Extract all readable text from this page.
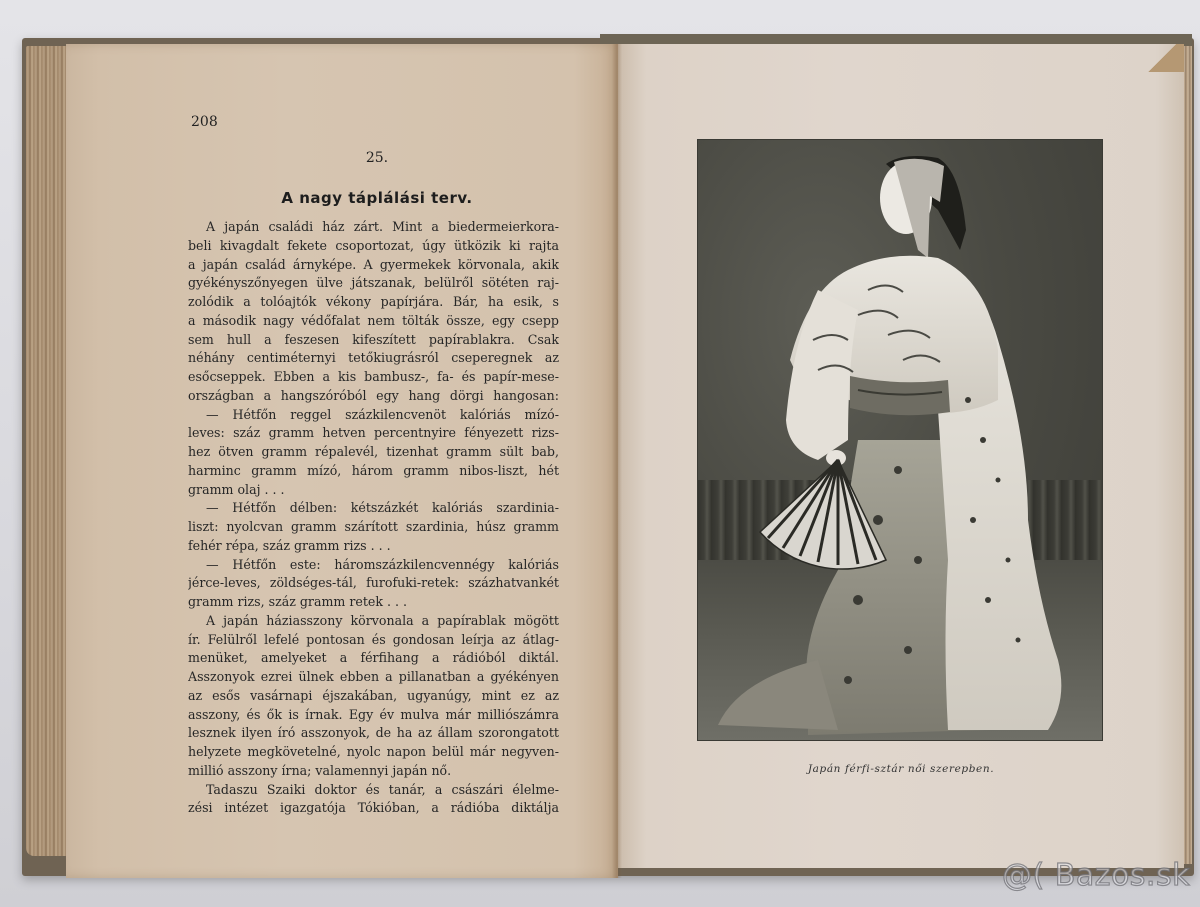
208
25.
A nagy táplálási terv.
A japán családi ház zárt. Mint a biedermeierkora-
beli kivagdalt fekete csoportozat, úgy ütközik ki rajta
a japán család árnyképe. A gyermekek körvonala, akik
gyékényszőnyegen ülve játszanak, belülről sötéten raj-
zolódik a tolóajtók vékony papírjára. Bár, ha esik, s
a második nagy védőfalat nem tölták össze, egy csepp
sem hull a feszesen kifeszített papírablakra. Csak
néhány centiméternyi tetőkiugrásról cseperegnek az
esőcseppek. Ebben a kis bambusz-, fa- és papír-mese-
országban a hangszóróból egy hang dörgi hangosan:
— Hétfőn reggel százkilencvenöt kalóriás mízó-
leves: száz gramm hetven percentnyire fényezett rizs-
hez ötven gramm répalevél, tizenhat gramm sült bab,
harminc gramm mízó, három gramm nibos-liszt, hét
gramm olaj . . .
— Hétfőn délben: kétszázkét kalóriás szardinia-
liszt: nyolcvan gramm szárított szardinia, húsz gramm
fehér répa, száz gramm rizs . . .
— Hétfőn este: háromszázkilencvennégy kalóriás
jérce-leves, zöldséges-tál, furofuki-retek: százhatvankét
gramm rizs, száz gramm retek . . .
A japán háziasszony körvonala a papírablak mögött
ír. Felülről lefelé pontosan és gondosan leírja az átlag-
menüket, amelyeket a férfihang a rádióból diktál.
Asszonyok ezrei ülnek ebben a pillanatban a gyékényen
az esős vasárnapi éjszakában, ugyanúgy, mint ez az
asszony, és ők is írnak. Egy év mulva már milliószámra
lesznek ilyen író asszonyok, de ha az állam szorongatott
helyzete megkövetelné, nyolc napon belül már negyven-
millió asszony írna; valamennyi japán nő.
Tadaszu Szaiki doktor és tanár, a császári élelme-
zési intézet igazgatója Tókióban, a rádióba diktálja
Japán férfi-sztár női szerepben.
@( Bazos.sk
